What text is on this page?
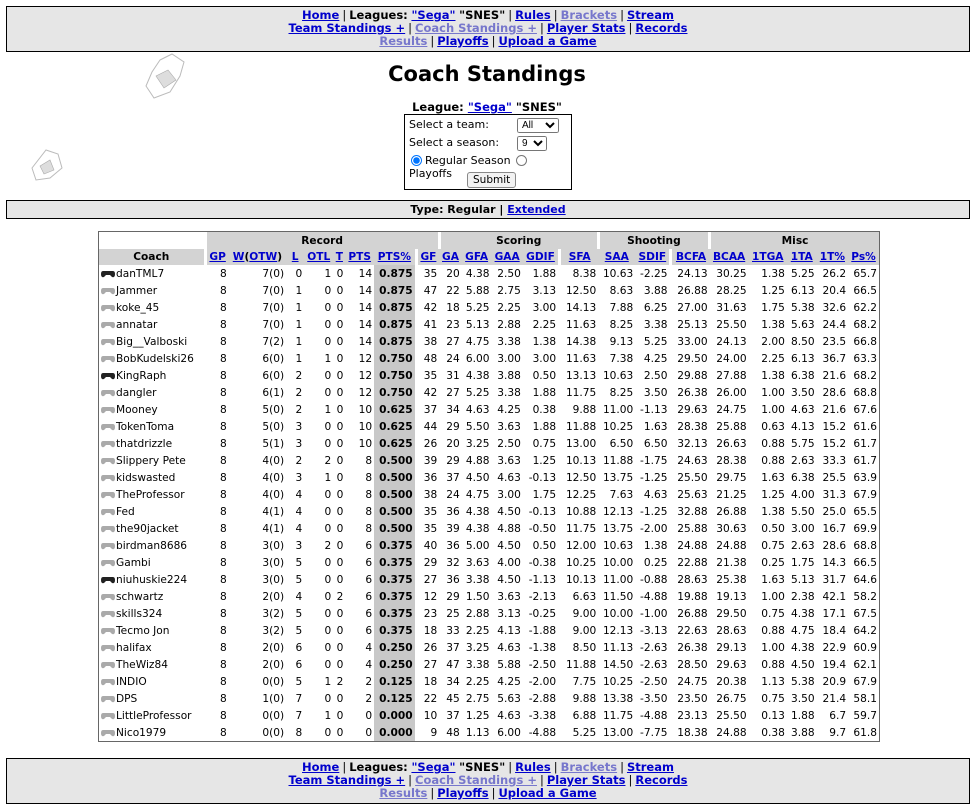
Home | Leagues: "Sega" "SNES" | Rules | Brackets | Stream
Team Standings + | Coach Standings + | Player Stats | Records
Results | Playoffs | Upload a Game
Coach Standings
League: "Sega" "SNES"
Select a team:
All
Select a season:
9
Regular Season Playoffs	Submit
Type: Regular | Extended
	Record								Scoring					Shooting			Misc				
Coach	GP	W(OTW)	L	OTL	T	PTS	PTS%	GF	GA	GFA	GAA	GDIF	SFA	SAA	SDIF	BCFA	BCAA	1TGA	1TA	1T%	Ps%
danTML7	8	7(0)	0	1	0	14	0.875	35	20	4.38	2.50	1.88	8.38	10.63	-2.25	24.13	30.25	1.38	5.25	26.2	65.7
Jammer	8	7(0)	1	0	0	14	0.875	47	22	5.88	2.75	3.13	12.50	8.63	3.88	26.88	28.25	1.25	6.13	20.4	66.5
koke_45	8	7(0)	1	0	0	14	0.875	42	18	5.25	2.25	3.00	14.13	7.88	6.25	27.00	31.63	1.75	5.38	32.6	62.2
annatar	8	7(0)	1	0	0	14	0.875	41	23	5.13	2.88	2.25	11.63	8.25	3.38	25.13	25.50	1.38	5.63	24.4	68.2
Big__Valboski	8	7(2)	1	0	0	14	0.875	38	27	4.75	3.38	1.38	14.38	9.13	5.25	33.00	24.13	2.00	8.50	23.5	66.8
BobKudelski26	8	6(0)	1	1	0	12	0.750	48	24	6.00	3.00	3.00	11.63	7.38	4.25	29.50	24.00	2.25	6.13	36.7	63.3
KingRaph	8	6(0)	2	0	0	12	0.750	35	31	4.38	3.88	0.50	13.13	10.63	2.50	29.88	27.88	1.38	6.38	21.6	68.2
dangler	8	6(1)	2	0	0	12	0.750	42	27	5.25	3.38	1.88	11.75	8.25	3.50	26.38	26.00	1.00	3.50	28.6	68.8
Mooney	8	5(0)	2	1	0	10	0.625	37	34	4.63	4.25	0.38	9.88	11.00	-1.13	29.63	24.75	1.00	4.63	21.6	67.6
TokenToma	8	5(0)	3	0	0	10	0.625	44	29	5.50	3.63	1.88	11.88	10.25	1.63	28.38	25.88	0.63	4.13	15.2	61.6
thatdrizzle	8	5(1)	3	0	0	10	0.625	26	20	3.25	2.50	0.75	13.00	6.50	6.50	32.13	26.63	0.88	5.75	15.2	61.7
Slippery Pete	8	4(0)	2	2	0	8	0.500	39	29	4.88	3.63	1.25	10.13	11.88	-1.75	24.63	28.38	0.88	2.63	33.3	61.7
kidswasted	8	4(0)	3	1	0	8	0.500	36	37	4.50	4.63	-0.13	12.50	13.75	-1.25	25.50	29.75	1.63	6.38	25.5	63.9
TheProfessor	8	4(0)	4	0	0	8	0.500	38	24	4.75	3.00	1.75	12.25	7.63	4.63	25.63	21.25	1.25	4.00	31.3	67.9
Fed	8	4(1)	4	0	0	8	0.500	35	36	4.38	4.50	-0.13	10.88	12.13	-1.25	32.88	26.88	1.38	5.50	25.0	65.5
the90jacket	8	4(1)	4	0	0	8	0.500	35	39	4.38	4.88	-0.50	11.75	13.75	-2.00	25.88	30.63	0.50	3.00	16.7	69.9
birdman8686	8	3(0)	3	2	0	6	0.375	40	36	5.00	4.50	0.50	12.00	10.63	1.38	24.88	24.88	0.75	2.63	28.6	68.8
Gambi	8	3(0)	5	0	0	6	0.375	29	32	3.63	4.00	-0.38	10.25	10.00	0.25	22.88	21.38	0.25	1.75	14.3	66.5
niuhuskie224	8	3(0)	5	0	0	6	0.375	27	36	3.38	4.50	-1.13	10.13	11.00	-0.88	28.63	25.38	1.63	5.13	31.7	64.6
schwartz	8	2(0)	4	0	2	6	0.375	12	29	1.50	3.63	-2.13	6.63	11.50	-4.88	19.88	19.13	1.00	2.38	42.1	58.2
skills324	8	3(2)	5	0	0	6	0.375	23	25	2.88	3.13	-0.25	9.00	10.00	-1.00	26.88	29.50	0.75	4.38	17.1	67.5
Tecmo Jon	8	3(2)	5	0	0	6	0.375	18	33	2.25	4.13	-1.88	9.00	12.13	-3.13	22.63	28.63	0.88	4.75	18.4	64.2
halifax	8	2(0)	6	0	0	4	0.250	26	37	3.25	4.63	-1.38	8.50	11.13	-2.63	26.38	29.13	1.00	4.38	22.9	60.9
TheWiz84	8	2(0)	6	0	0	4	0.250	27	47	3.38	5.88	-2.50	11.88	14.50	-2.63	28.50	29.63	0.88	4.50	19.4	62.1
INDIO	8	0(0)	5	1	2	2	0.125	18	34	2.25	4.25	-2.00	7.75	10.25	-2.50	24.75	20.38	1.13	5.38	20.9	67.9
DPS	8	1(0)	7	0	0	2	0.125	22	45	2.75	5.63	-2.88	9.88	13.38	-3.50	23.50	26.75	0.75	3.50	21.4	58.1
LittleProfessor	8	0(0)	7	1	0	0	0.000	10	37	1.25	4.63	-3.38	6.88	11.75	-4.88	23.13	25.50	0.13	1.88	6.7	59.7
Nico1979	8	0(0)	8	0	0	0	0.000	9	48	1.13	6.00	-4.88	5.25	13.00	-7.75	18.38	24.88	0.38	3.88	9.7	61.8
Home | Leagues: "Sega" "SNES" | Rules | Brackets | Stream
Team Standings + | Coach Standings + | Player Stats | Records
Results | Playoffs | Upload a Game
